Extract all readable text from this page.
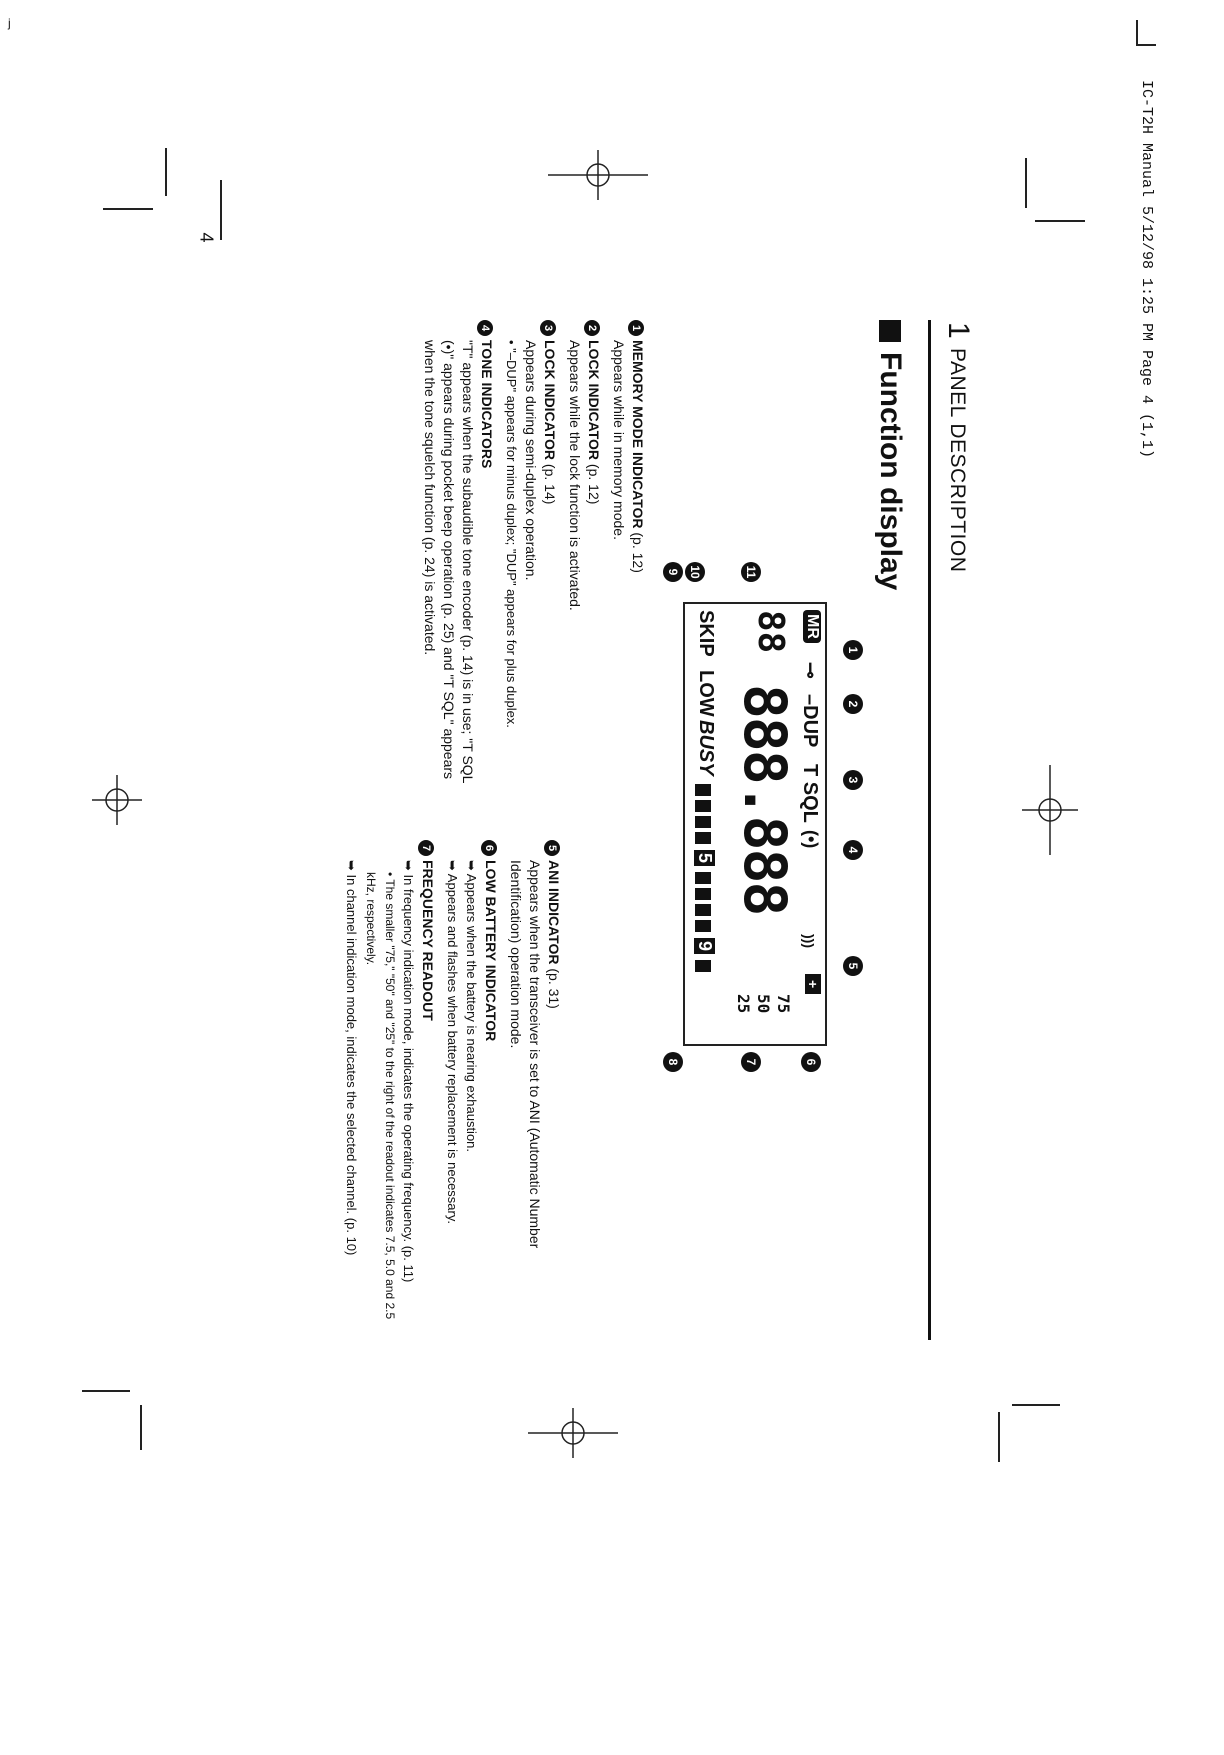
j
IC-T2H Manual 5/12/98 1:25 PM Page 4 (1,1)
4
1
PANEL DESCRIPTION
Function display
MR
⊸
–DUP
T SQL
(•)
)))
+
88
888.888
75
50
25
SKIP
LOW
BUSY
5
9
1
2
3
4
5
6
7
8
9 10	11
1MEMORY MODE INDICATOR (p. 12)
Appears while in memory mode.
2LOCK INDICATOR (p. 12)
Appears while the lock function is activated.
3LOCK INDICATOR (p. 14)
Appears during semi-duplex operation.
• "–DUP" appears for minus duplex; "DUP" appears for plus duplex.
4TONE INDICATORS
"T" appears when the subaudible tone encoder (p. 14) is in use; "T SQL (•)" appears during pocket beep operation (p. 25) and "T SQL" appears when the tone squelch function (p. 24) is activated.
5ANI INDICATOR (p. 31)
Appears when the transceiver is set to ANI (Automatic Number Identification) operation mode.
6LOW BATTERY INDICATOR
➥ Appears when the battery is nearing exhaustion.
➥ Appears and flashes when battery replacement is necessary.
7FREQUENCY READOUT
➥ In frequency indication mode, indicates the operating frequency. (p. 11)
• The smaller "75," "50" and "25" to the right of the readout indicates 7.5, 5.0 and 2.5 kHz, respectively.
➥ In channel indication mode, indicates the selected channel. (p. 10)
